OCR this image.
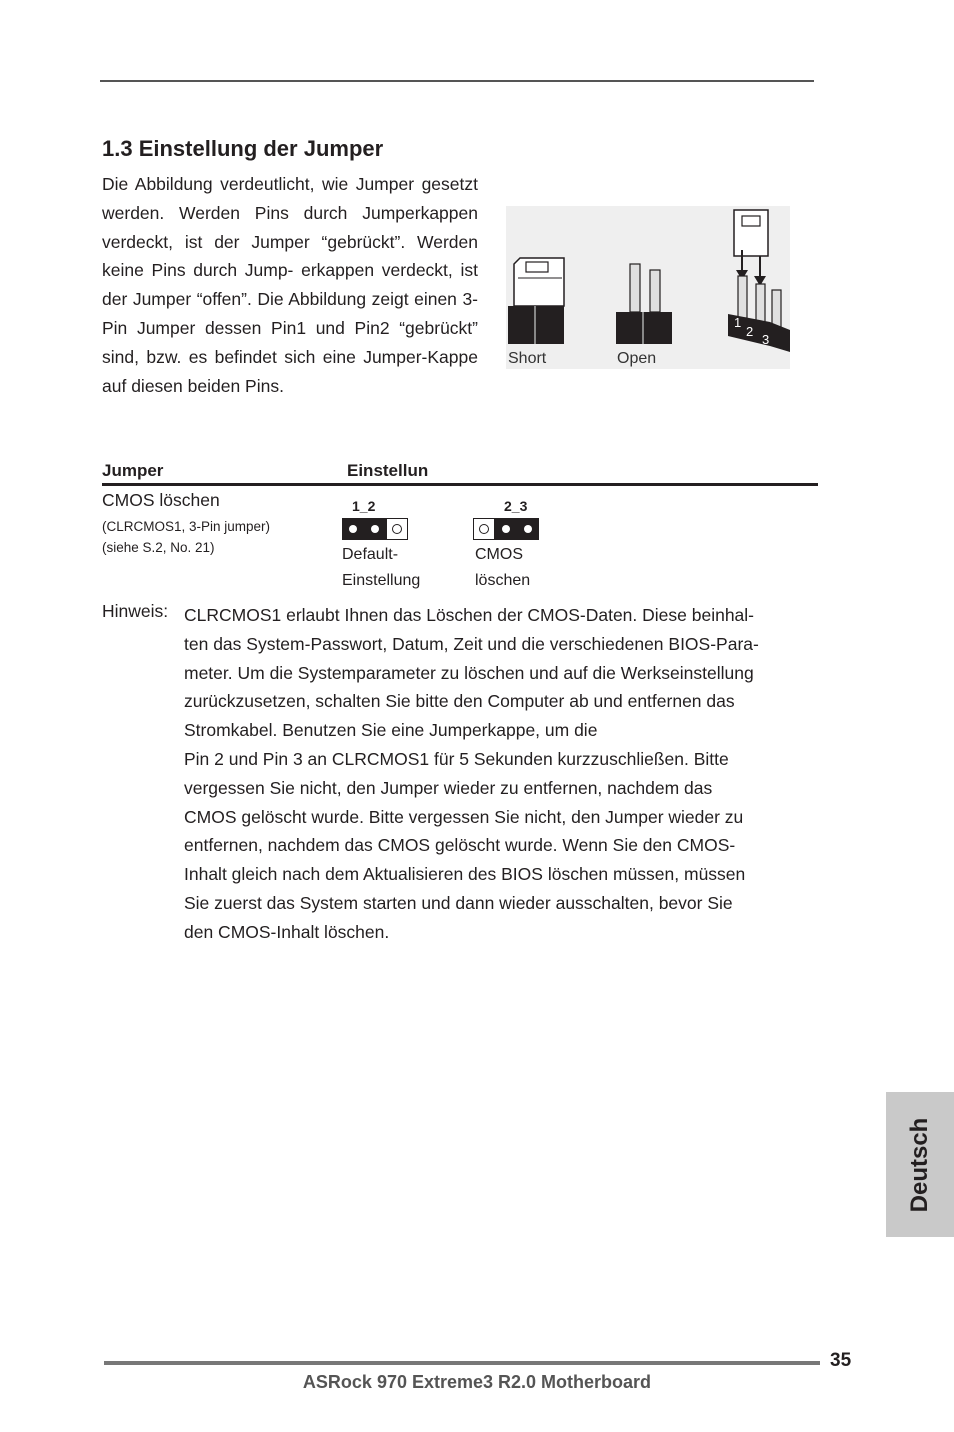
1.3 Einstellung der Jumper

Die Abbildung verdeutlicht, wie Jumper gesetzt werden. Werden Pins durch Jumperkappen verdeckt, ist der Jumper “gebrückt”. Werden keine Pins durch Jump- erkappen verdeckt, ist der Jumper “offen”. Die Abbildung zeigt einen 3-Pin Jumper dessen Pin1 und Pin2 “gebrückt” sind, bzw. es befindet sich eine Jumper-Kappe auf diesen beiden Pins.

1
2
3
Short	Open
Jumper	Einstellun
CMOS löschen
(CLRCMOS1, 3-Pin jumper)
(siehe S.2, No. 21)
1_2
Default-
Einstellung
2_3
CMOS
löschen
Hinweis: CLRCMOS1 erlaubt Ihnen das Löschen der CMOS-Daten. Diese beinhal-
ten das System-Passwort, Datum, Zeit und die verschiedenen BIOS-Para-
meter. Um die Systemparameter zu löschen und auf die Werkseinstellung
zurückzusetzen, schalten Sie bitte den Computer ab und entfernen das
Stromkabel. Benutzen Sie eine Jumperkappe, um die
Pin 2 und Pin 3 an CLRCMOS1 für 5 Sekunden kurzzuschließen. Bitte
vergessen Sie nicht, den Jumper wieder zu entfernen, nachdem das
CMOS gelöscht wurde. Bitte vergessen Sie nicht, den Jumper wieder zu
entfernen, nachdem das CMOS gelöscht wurde. Wenn Sie den CMOS-
Inhalt gleich nach dem Aktualisieren des BIOS löschen müssen, müssen
Sie zuerst das System starten und dann wieder ausschalten, bevor Sie
den CMOS-Inhalt löschen.
Deutsch
35
ASRock 970 Extreme3 R2.0 Motherboard
